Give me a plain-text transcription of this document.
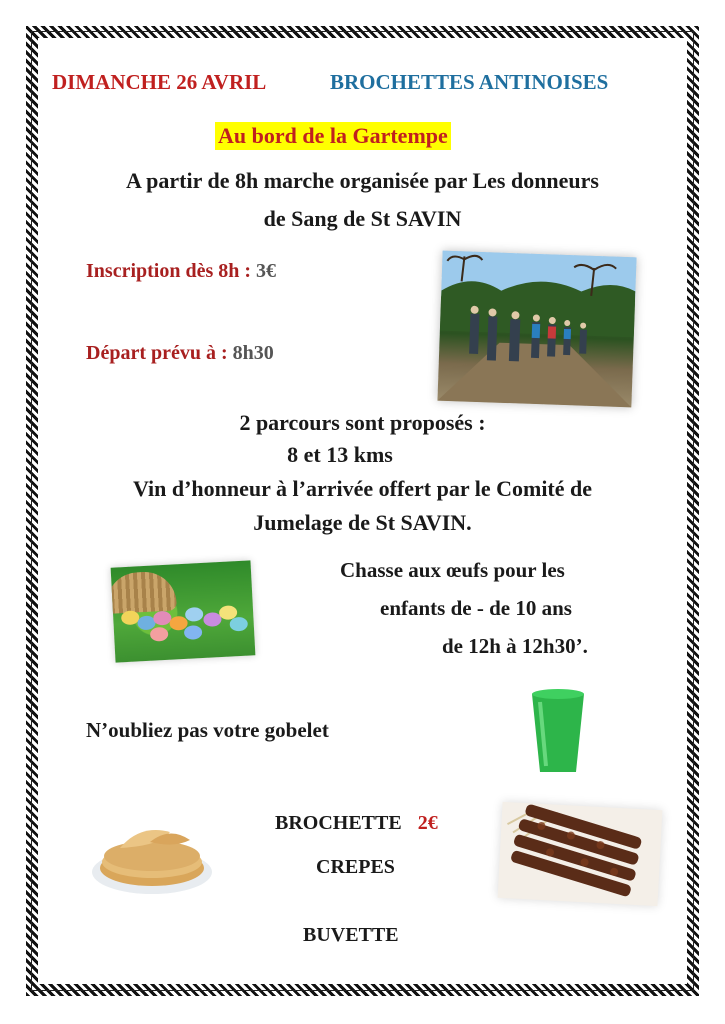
DIMANCHE 26 AVRIL	BROCHETTES ANTINOISES
Au bord de la Gartempe
A partir de 8h marche organisée par Les donneurs
de Sang de St SAVIN
Inscription dès 8h : 3€
Départ prévu à : 8h30
2 parcours sont proposés :
8 et 13 kms
Vin d’honneur à l’arrivée offert par le Comité de
Jumelage de St SAVIN.
Chasse aux œufs pour les
enfants de - de 10 ans
de 12h à 12h30’.
N’oubliez pas votre gobelet
BROCHETTE 2€
CREPES
BUVETTE
